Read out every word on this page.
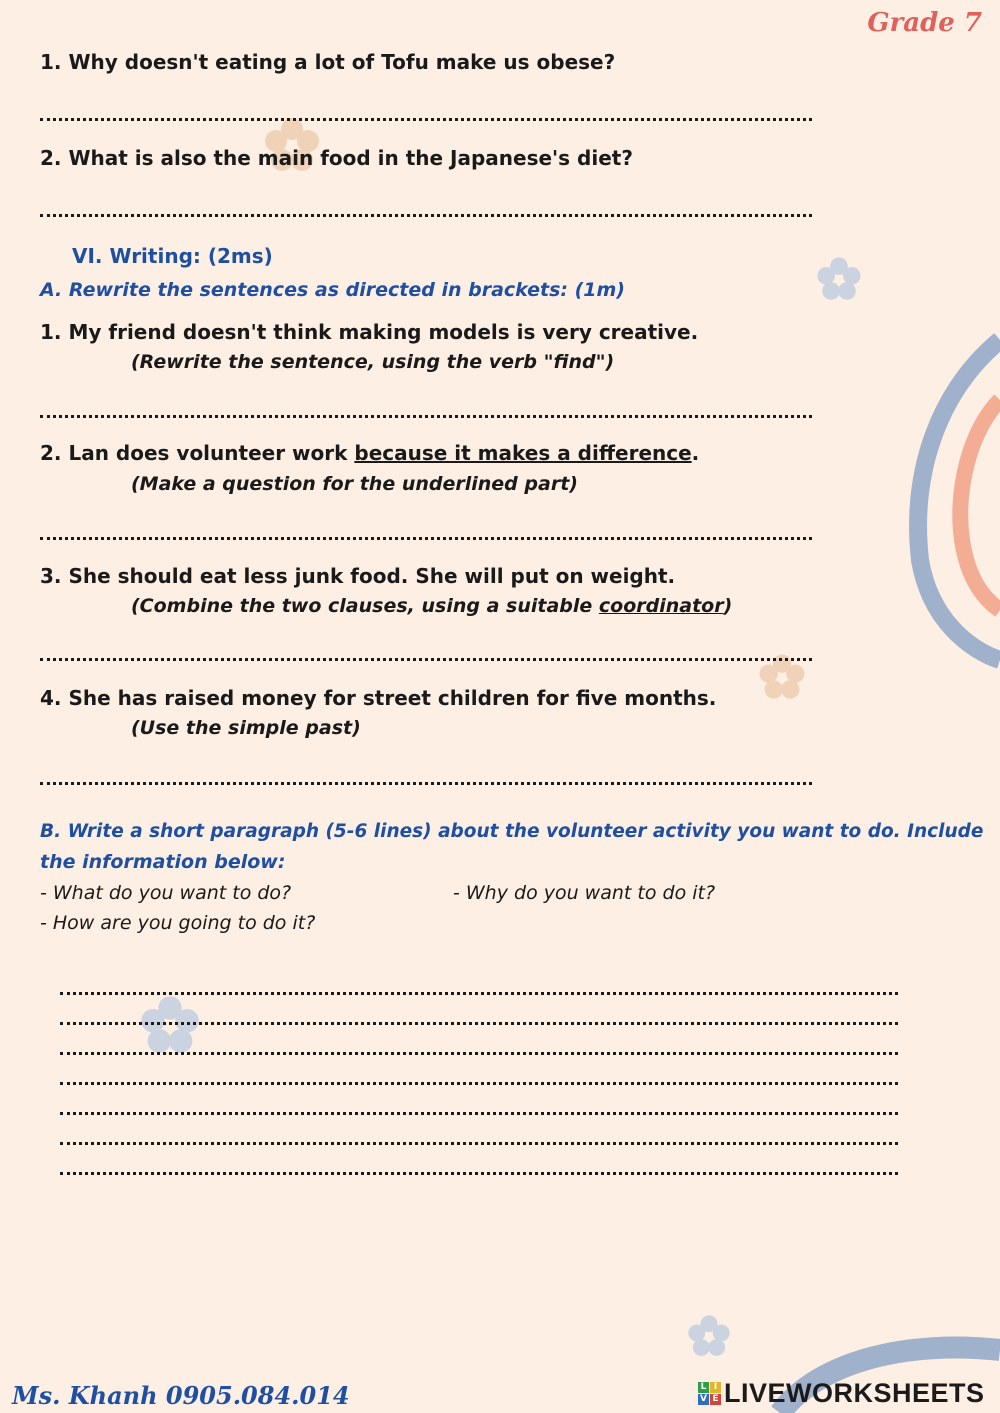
Grade 7
1. Why doesn't eating a lot of Tofu make us obese?
2. What is also the main food in the Japanese's diet?
VI. Writing: (2ms)
A. Rewrite the sentences as directed in brackets: (1m)
1. My friend doesn't think making models is very creative.
(Rewrite the sentence, using the verb "find")
2. Lan does volunteer work because it makes a difference.
(Make a question for the underlined part)
3. She should eat less junk food. She will put on weight.
(Combine the two clauses, using a suitable coordinator)
4. She has raised money for street children for five months.
(Use the simple past)
B. Write a short paragraph (5-6 lines) about the volunteer activity you want to do. Include
the information below:
- What do you want to do?	- Why do you want to do it?
- How are you going to do it?
Ms. Khanh 0905.084.014	L I
V E LIVEWORKSHEETS
